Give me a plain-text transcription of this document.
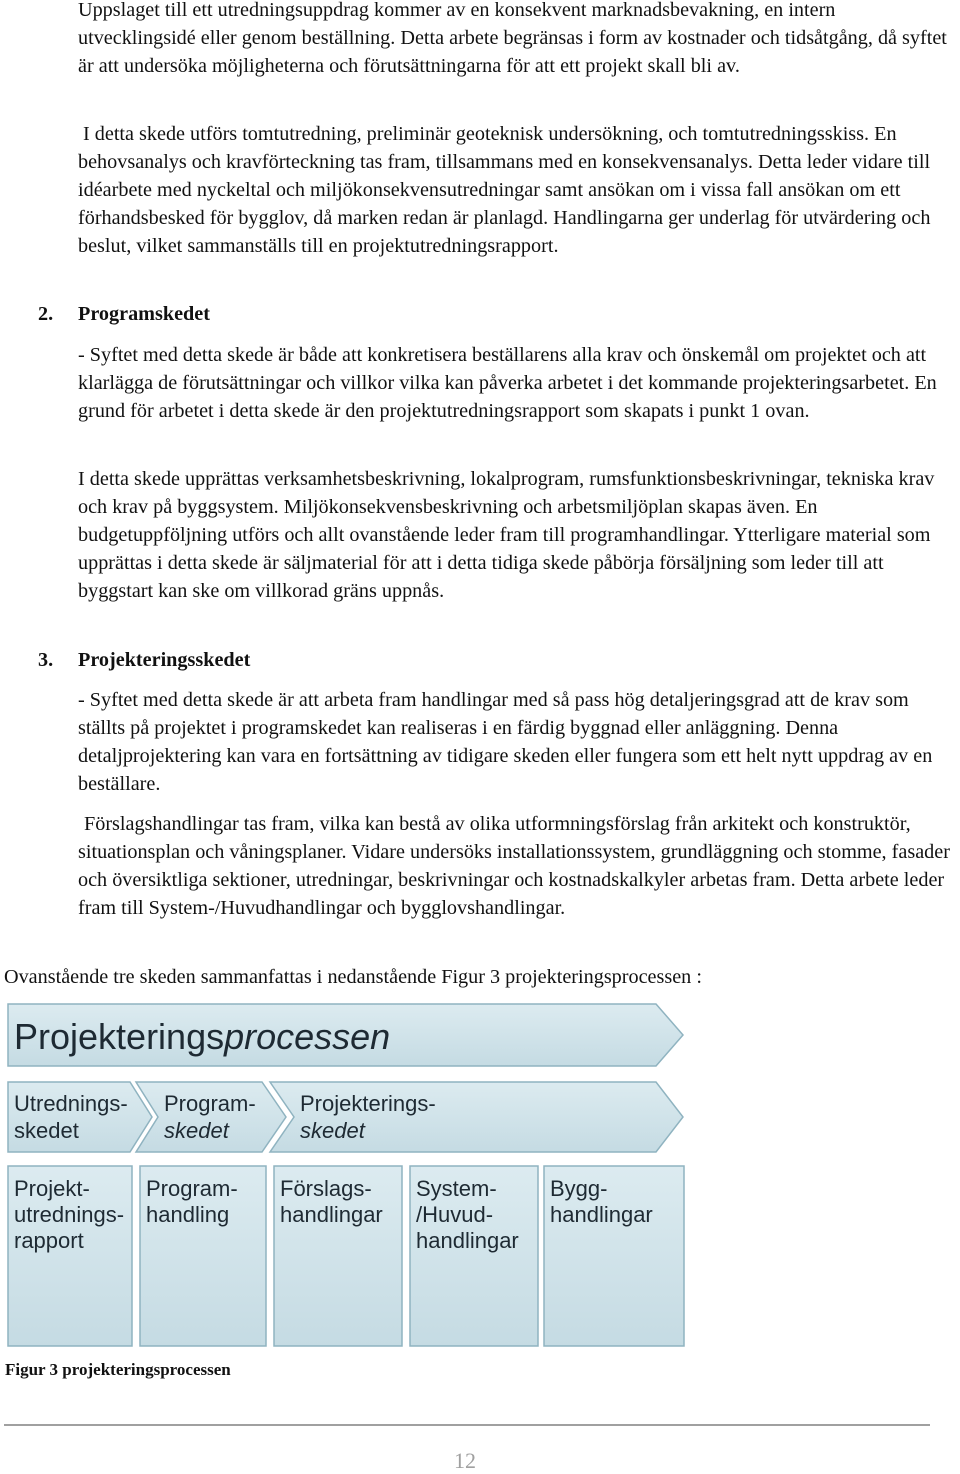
Uppslaget till ett utredningsuppdrag kommer av en konsekvent marknadsbevakning, en intern utvecklingsidé eller genom beställning. Detta arbete begränsas i form av kostnader och tidsåtgång, då syftet är att undersöka möjligheterna och förutsättningarna för att ett projekt skall bli av.

I detta skede utförs tomtutredning, preliminär geoteknisk undersökning, och tomtutredningsskiss. En behovsanalys och kravförteckning tas fram, tillsammans med en konsekvensanalys. Detta leder vidare till idéarbete med nyckeltal och miljökonsekvensutredningar samt ansökan om i vissa fall ansökan om ett förhandsbesked för bygglov, då marken redan är planlagd. Handlingarna ger underlag för utvärdering och beslut, vilket sammanställs till en projektutredningsrapport.

2. Programskedet

- Syftet med detta skede är både att konkretisera beställarens alla krav och önskemål om projektet och att klarlägga de förutsättningar och villkor vilka kan påverka arbetet i det kommande projekteringsarbetet. En grund för arbetet i detta skede är den projektutredningsrapport som skapats i punkt 1 ovan.

I detta skede upprättas verksamhetsbeskrivning, lokalprogram, rumsfunktionsbeskrivningar, tekniska krav och krav på byggsystem. Miljökonsekvensbeskrivning och arbetsmiljöplan skapas även. En budgetuppföljning utförs och allt ovanstående leder fram till programhandlingar. Ytterligare material som upprättas i detta skede är säljmaterial för att i detta tidiga skede påbörja försäljning som leder till att byggstart kan ske om villkorad gräns uppnås.

3. Projekteringsskedet

- Syftet med detta skede är att arbeta fram handlingar med så pass hög detaljeringsgrad att de krav som ställts på projektet i programskedet kan realiseras i en färdig byggnad eller anläggning. Denna detaljprojektering kan vara en fortsättning av tidigare skeden eller fungera som ett helt nytt uppdrag av en beställare.

Förslagshandlingar tas fram, vilka kan bestå av olika utformningsförslag från arkitekt och konstruktör, situationsplan och våningsplaner. Vidare undersöks installationssystem, grundläggning och stomme, fasader och översiktliga sektioner, utredningar, beskrivningar och kostnadskalkyler arbetas fram. Detta arbete leder fram till System-/Huvudhandlingar och bygglovshandlingar.

Ovanstående tre skeden sammanfattas i nedanstående Figur 3 projekteringsprocessen :

Projekteringsprocessen
Utrednings-
skedet
Program-
skedet
Projekterings-
skedet
Projekt-
utrednings-
rapport
Program-
handling
Förslags-
handlingar
System-
/Huvud-
handlingar
Bygg-
handlingar

Figur 3 projekteringsprocessen

12
